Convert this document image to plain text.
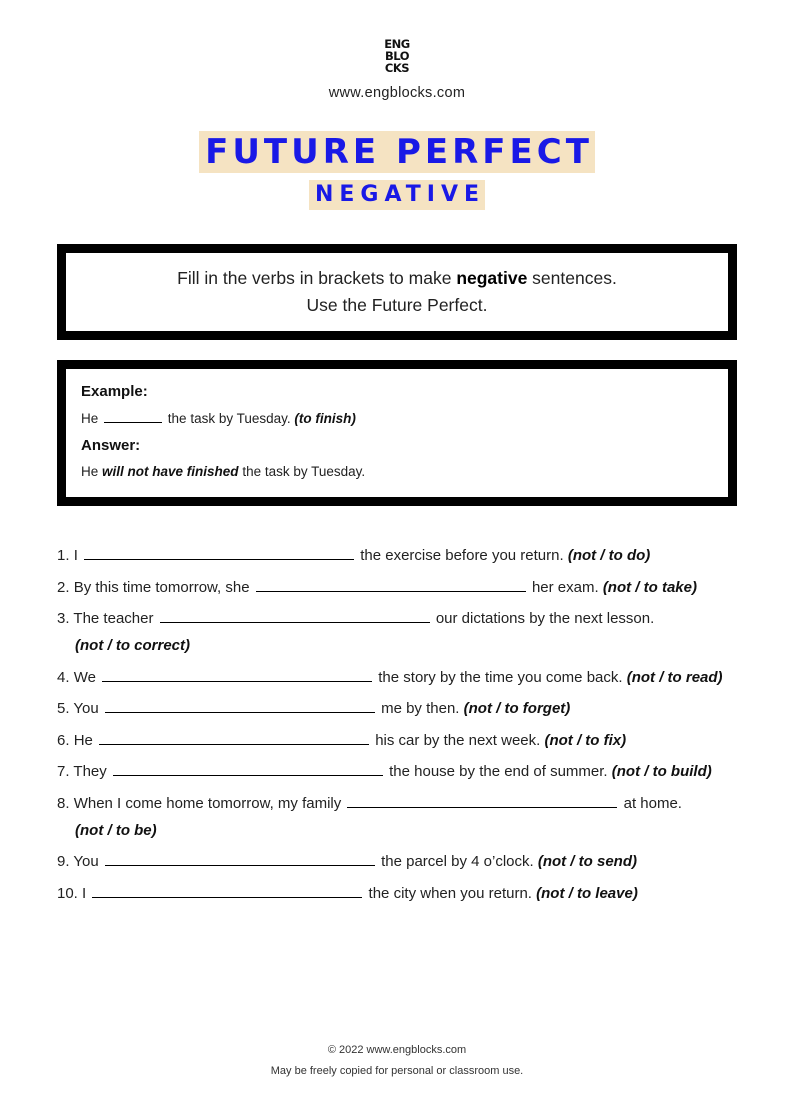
ENG
BLO
CKS
www.engblocks.com
FUTURE PERFECT
NEGATIVE
Fill in the verbs in brackets to make negative sentences.
Use the Future Perfect.
Example:
He	the task by Tuesday. (to finish)
Answer:
He will not have finished the task by Tuesday.
1. I	the exercise before you return. (not / to do)
2. By this time tomorrow, she	her exam. (not / to take)
3. The teacher	our dictations by the next lesson.
(not / to correct)
4. We	the story by the time you come back. (not / to read)
5. You	me by then. (not / to forget)
6. He	his car by the next week. (not / to fix)
7. They	the house by the end of summer. (not / to build)
8. When I come home tomorrow, my family	at home.
(not / to be)
9. You	the parcel by 4 o’clock. (not / to send)
10. I	the city when you return. (not / to leave)
© 2022 www.engblocks.com
May be freely copied for personal or classroom use.
